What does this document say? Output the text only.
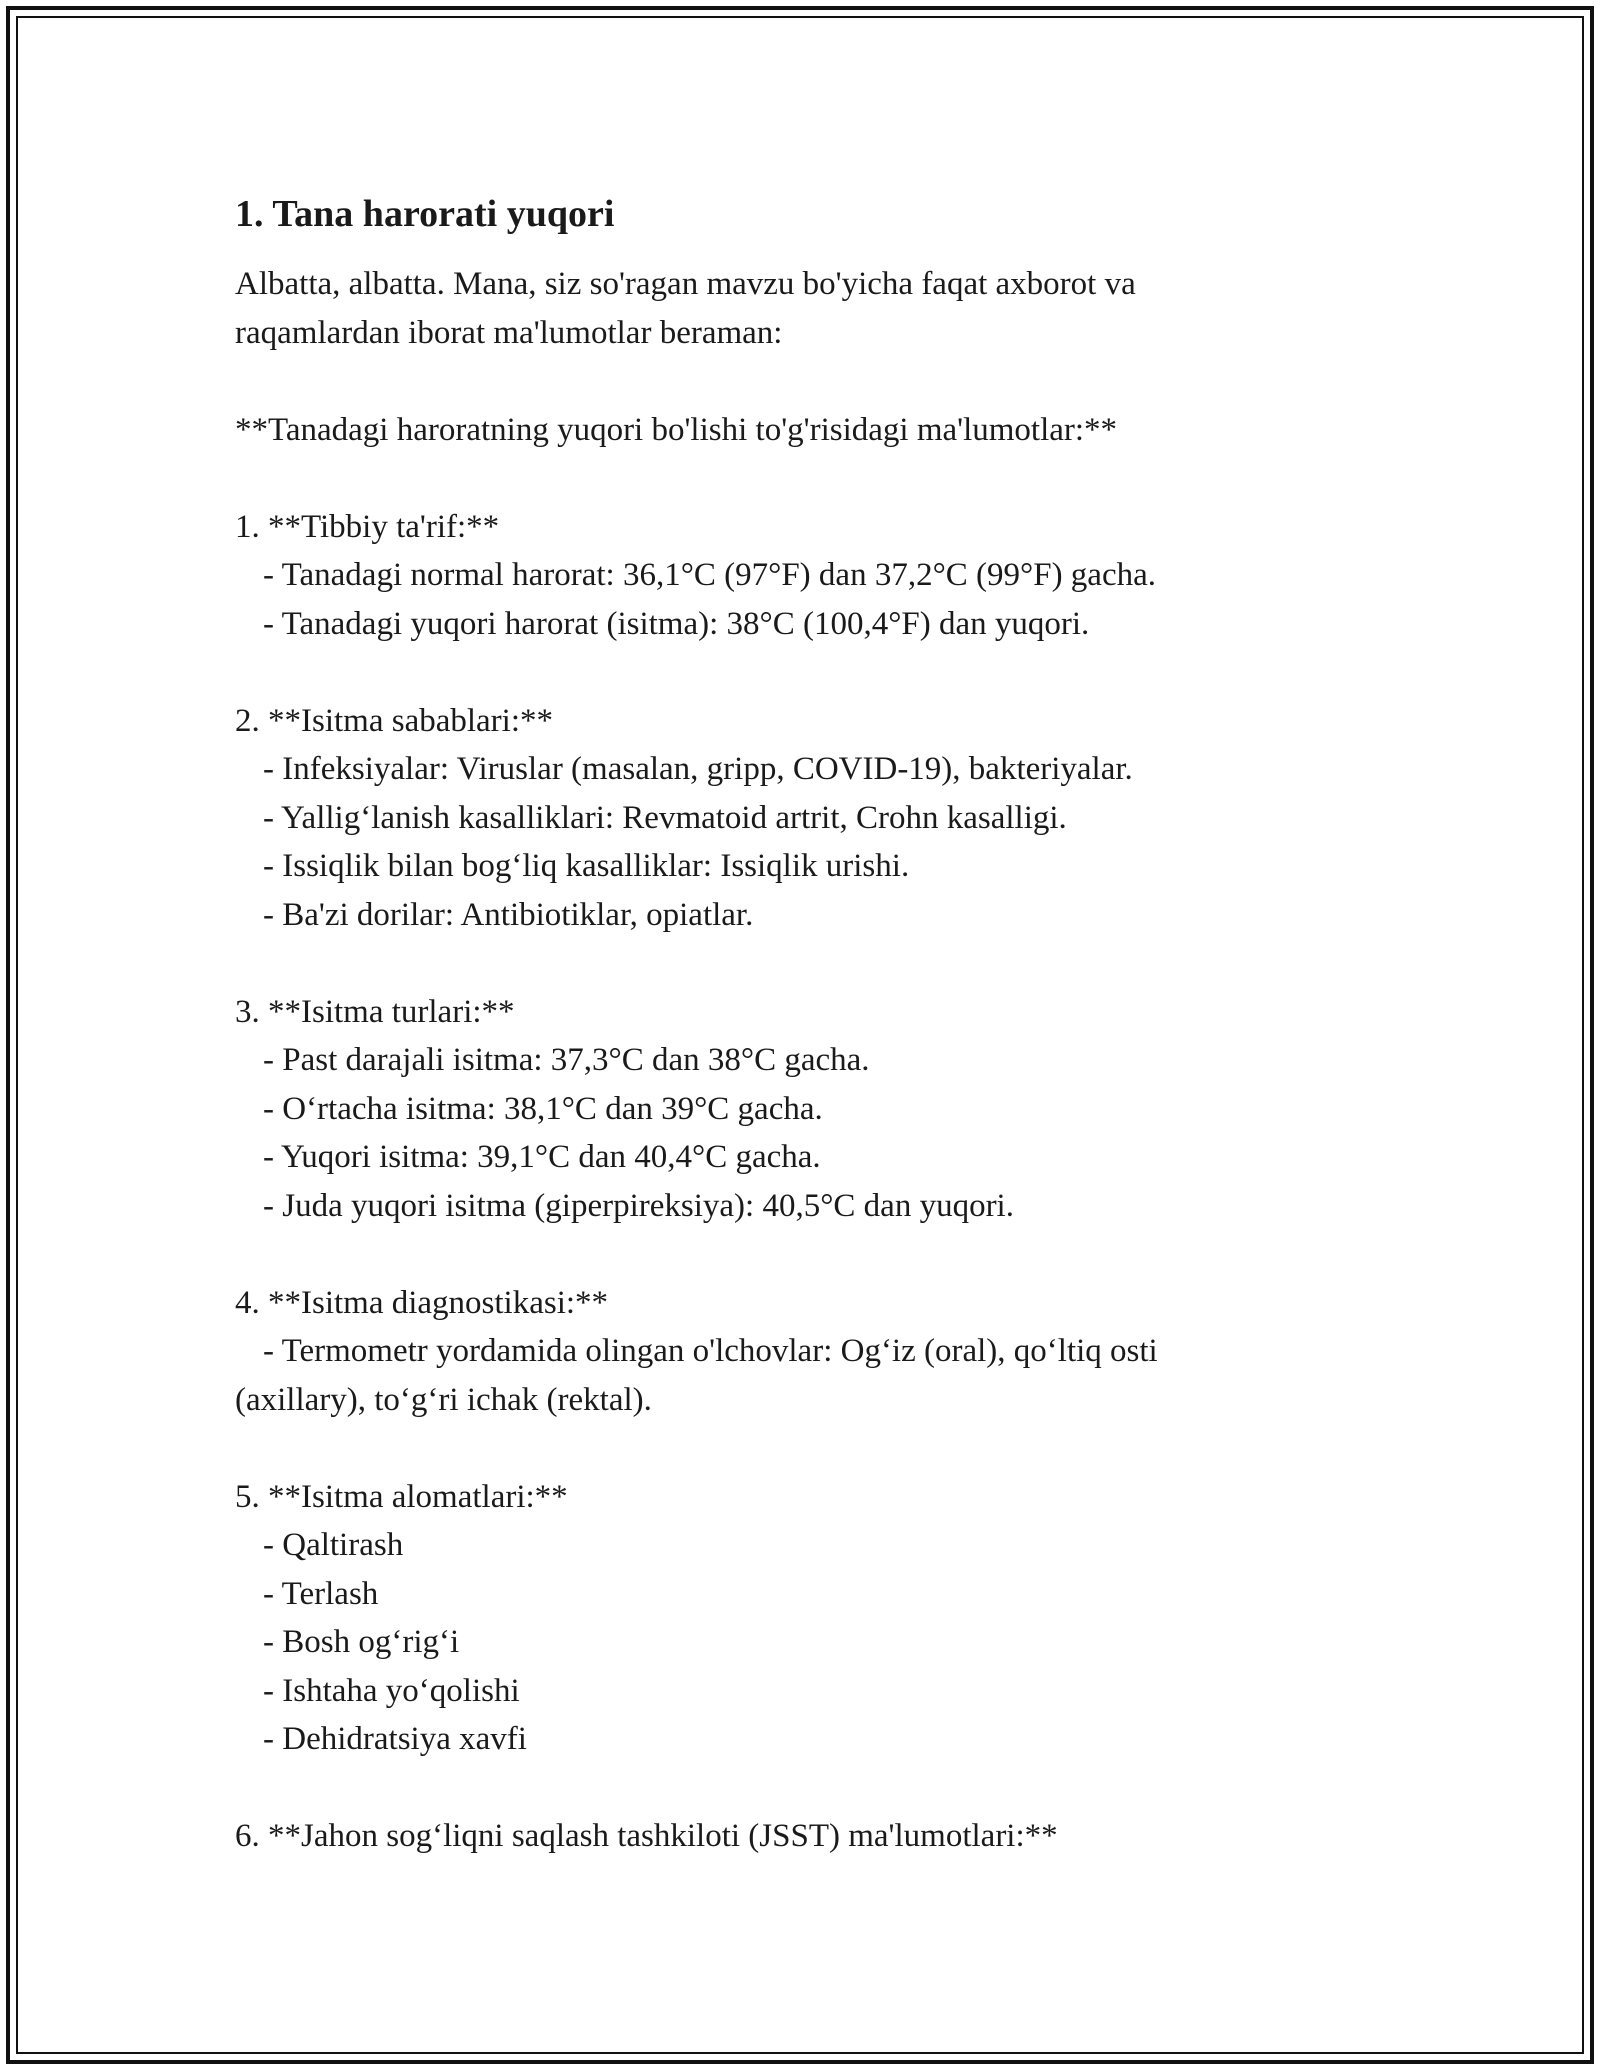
1. Tana harorati yuqori

Albatta, albatta. Mana, siz so'ragan mavzu bo'yicha faqat axborot va

raqamlardan iborat ma'lumotlar beraman:

**Tanadagi haroratning yuqori bo'lishi to'g'risidagi ma'lumotlar:**

1. **Tibbiy ta'rif:**

- Tanadagi normal harorat: 36,1°C (97°F) dan 37,2°C (99°F) gacha.

- Tanadagi yuqori harorat (isitma): 38°C (100,4°F) dan yuqori.

2. **Isitma sabablari:**

- Infeksiyalar: Viruslar (masalan, gripp, COVID-19), bakteriyalar.

- Yallig‘lanish kasalliklari: Revmatoid artrit, Crohn kasalligi.

- Issiqlik bilan bog‘liq kasalliklar: Issiqlik urishi.

- Ba'zi dorilar: Antibiotiklar, opiatlar.

3. **Isitma turlari:**

- Past darajali isitma: 37,3°C dan 38°C gacha.

- O‘rtacha isitma: 38,1°C dan 39°C gacha.

- Yuqori isitma: 39,1°C dan 40,4°C gacha.

- Juda yuqori isitma (giperpireksiya): 40,5°C dan yuqori.

4. **Isitma diagnostikasi:**

- Termometr yordamida olingan o'lchovlar: Og‘iz (oral), qo‘ltiq osti

(axillary), to‘g‘ri ichak (rektal).

5. **Isitma alomatlari:**

- Qaltirash

- Terlash

- Bosh og‘rig‘i

- Ishtaha yo‘qolishi

- Dehidratsiya xavfi

6. **Jahon sog‘liqni saqlash tashkiloti (JSST) ma'lumotlari:**
